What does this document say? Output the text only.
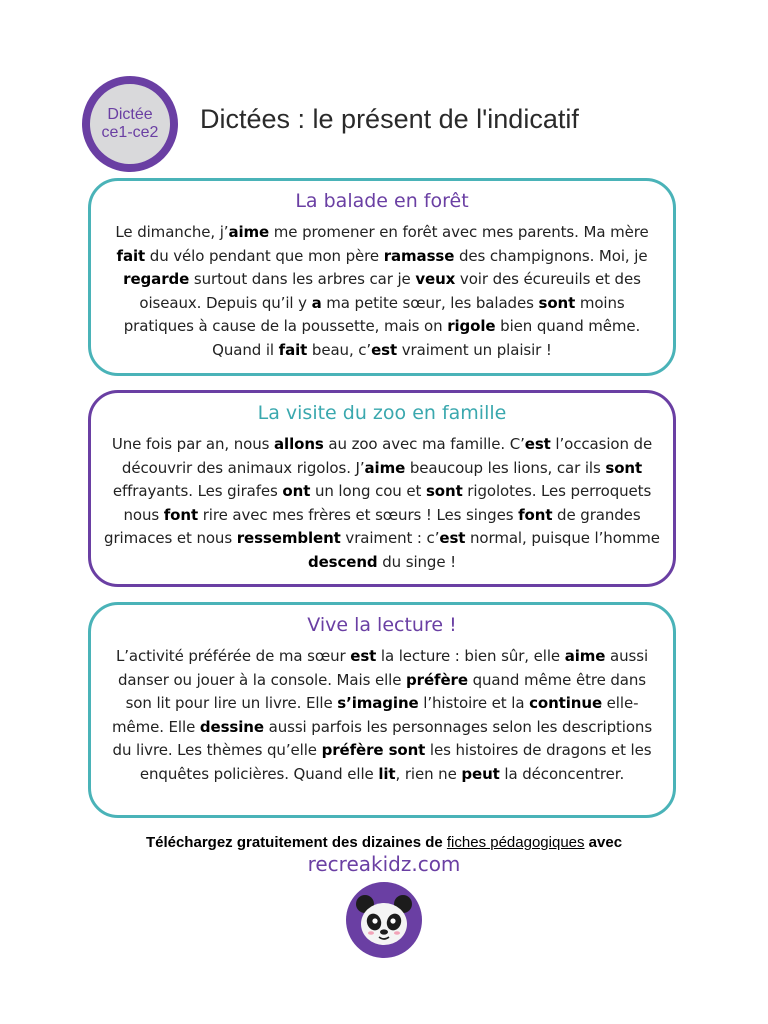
Dictée
ce1-ce2 Dictées : le présent de l'indicatif
La balade en forêt

Le dimanche, j’aime me promener en forêt avec mes parents. Ma mère fait du vélo pendant que mon père ramasse des champignons. Moi, je regarde surtout dans les arbres car je veux voir des écureuils et des oiseaux. Depuis qu’il y a ma petite sœur, les balades sont moins pratiques à cause de la poussette, mais on rigole bien quand même. Quand il fait beau, c’est vraiment un plaisir !

La visite du zoo en famille

Une fois par an, nous allons au zoo avec ma famille. C’est l’occasion de découvrir des animaux rigolos. J’aime beaucoup les lions, car ils sont effrayants. Les girafes ont un long cou et sont rigolotes. Les perroquets nous font rire avec mes frères et sœurs ! Les singes font de grandes grimaces et nous ressemblent vraiment : c’est normal, puisque l’homme descend du singe !

Vive la lecture !

L’activité préférée de ma sœur est la lecture : bien sûr, elle aime aussi danser ou jouer à la console. Mais elle préfère quand même être dans son lit pour lire un livre. Elle s’imagine l’histoire et la continue elle-même. Elle dessine aussi parfois les personnages selon les descriptions du livre. Les thèmes qu’elle préfère sont les histoires de dragons et les enquêtes policières. Quand elle lit, rien ne peut la déconcentrer.

Téléchargez gratuitement des dizaines de fiches pédagogiques avec
recreakidz.com
